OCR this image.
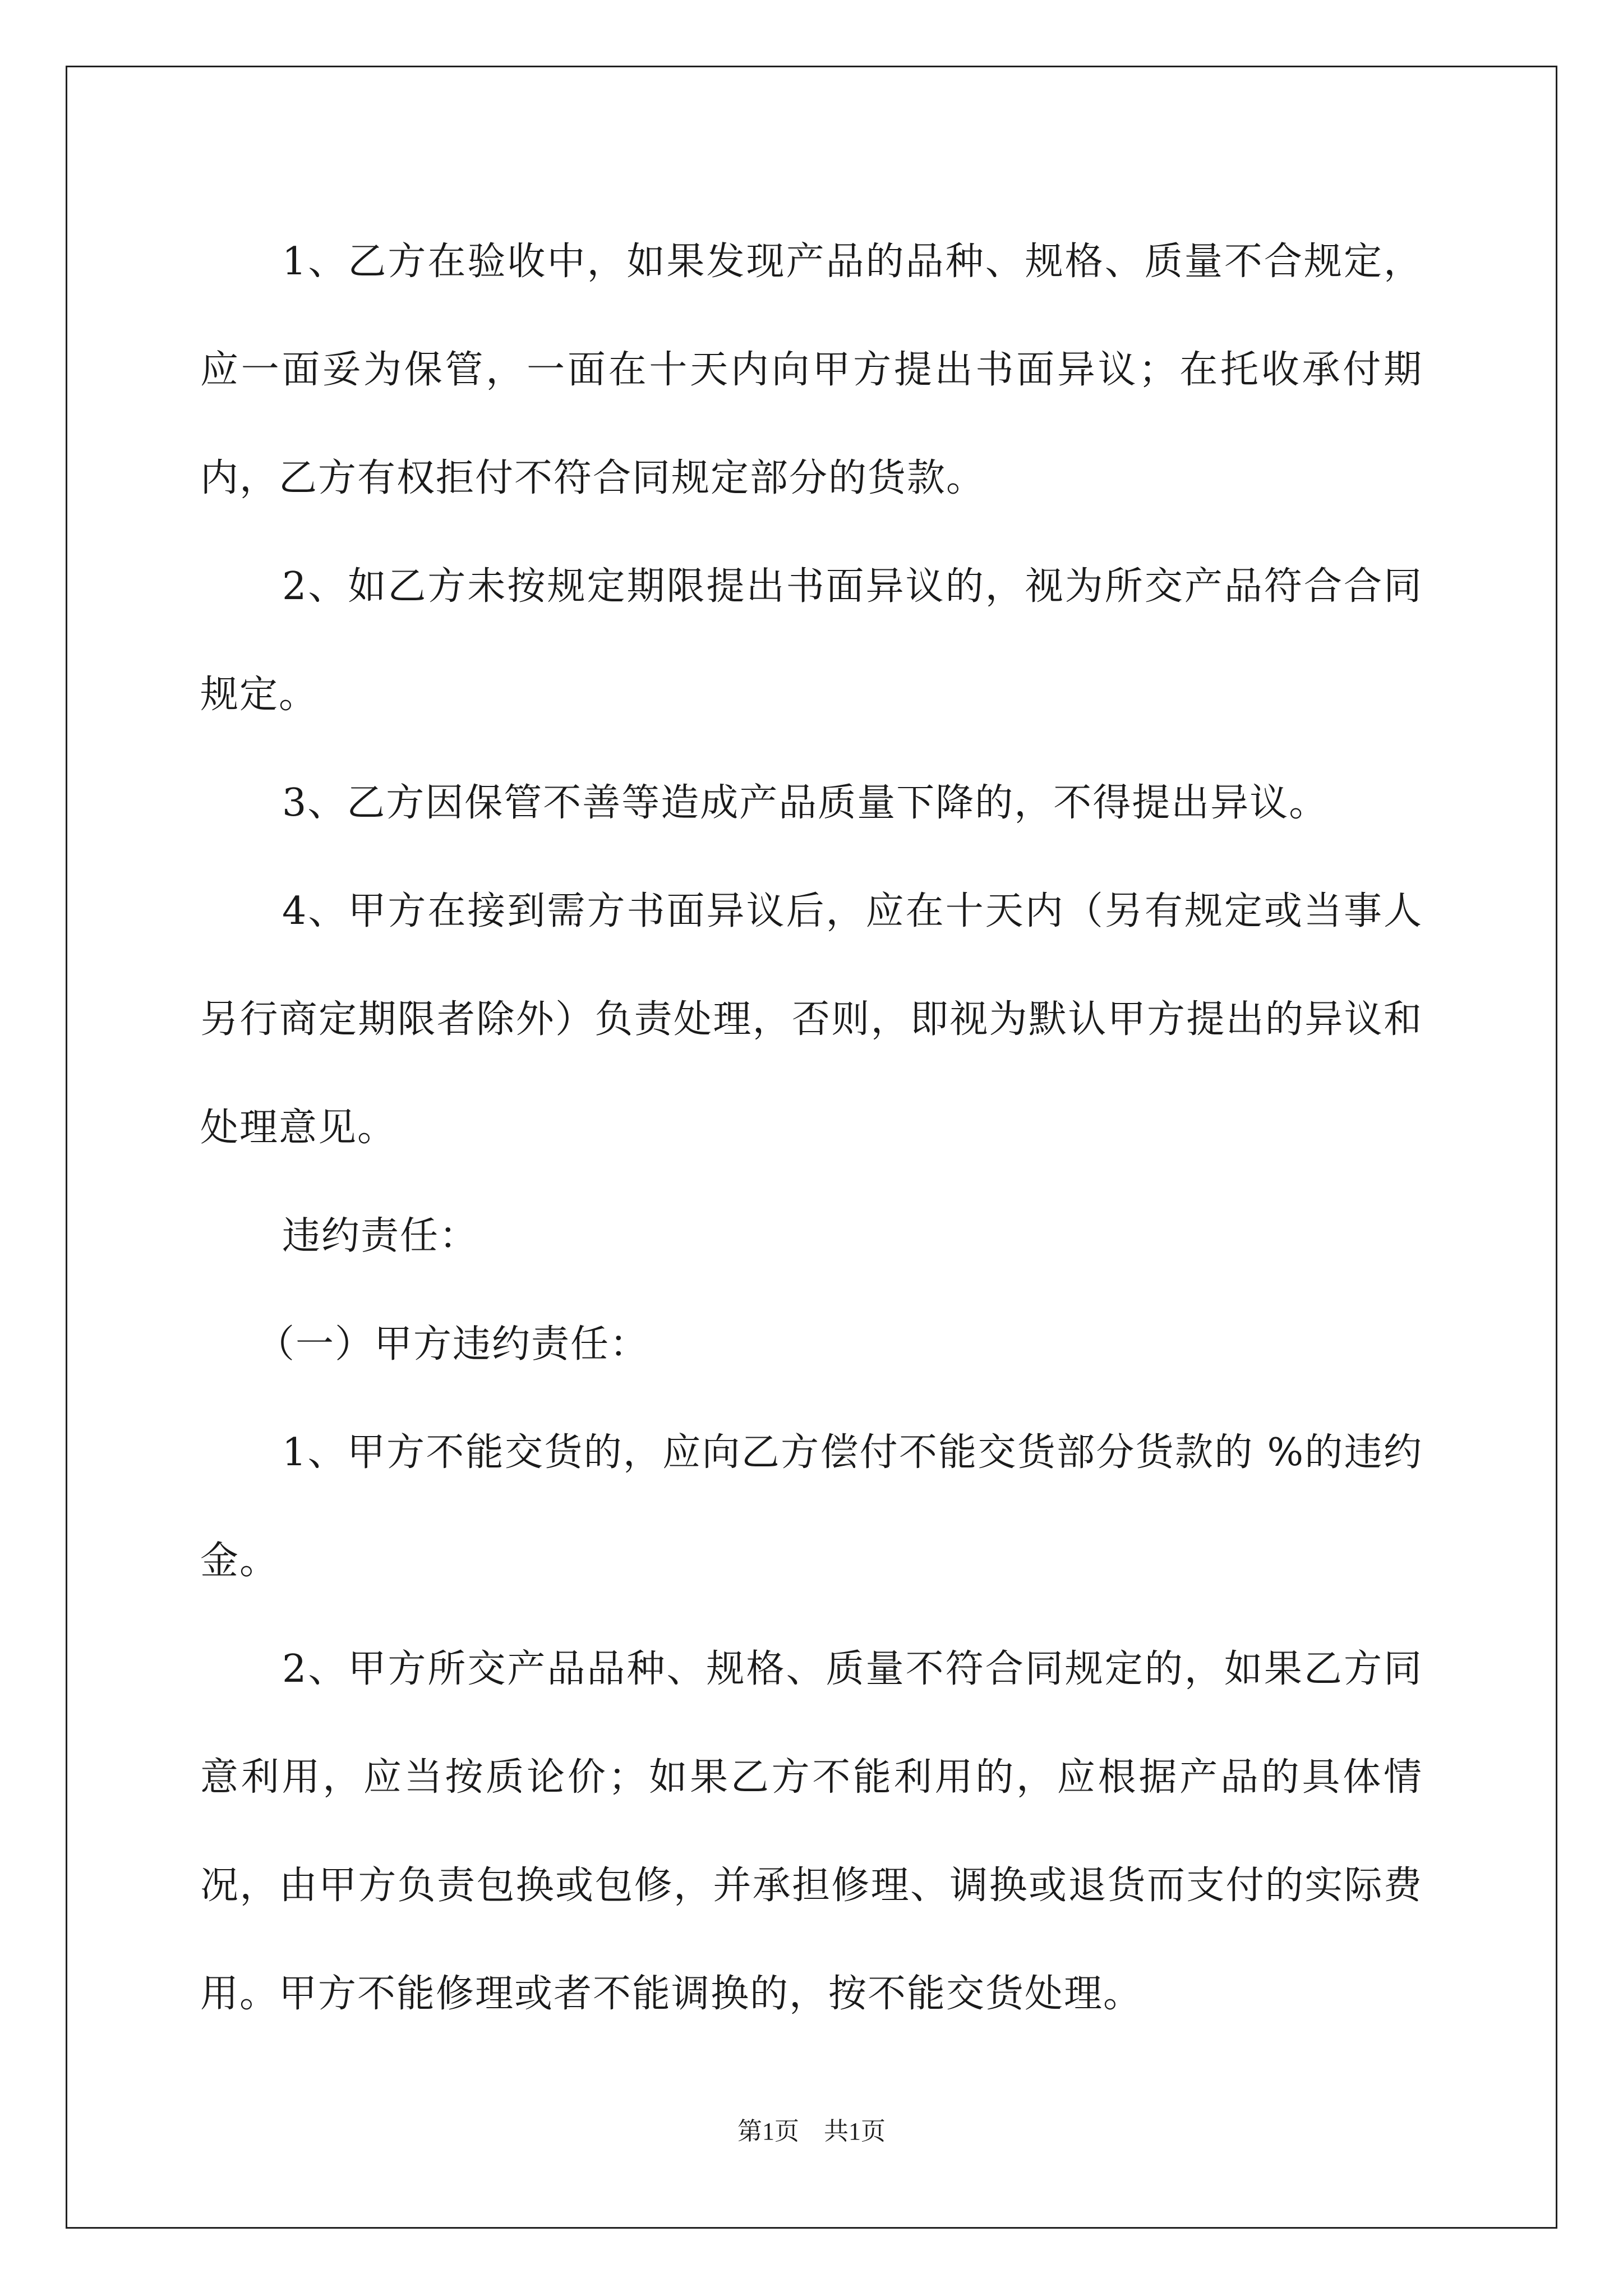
1、乙方在验收中，如果发现产品的品种、规格、质量不合规定，应一面妥为保管，一面在十天内向甲方提出书面异议；在托收承付期内，乙方有权拒付不符合同规定部分的货款。

2、如乙方未按规定期限提出书面异议的，视为所交产品符合合同规定。

3、乙方因保管不善等造成产品质量下降的，不得提出异议。

4、甲方在接到需方书面异议后，应在十天内（另有规定或当事人另行商定期限者除外）负责处理，否则，即视为默认甲方提出的异议和处理意见。

违约责任：

（一）甲方违约责任：

1、甲方不能交货的，应向乙方偿付不能交货部分货款的 %的违约金。

2、甲方所交产品品种、规格、质量不符合同规定的，如果乙方同意利用，应当按质论价；如果乙方不能利用的，应根据产品的具体情况，由甲方负责包换或包修，并承担修理、调换或退货而支付的实际费用。甲方不能修理或者不能调换的，按不能交货处理。

第1页　共1页
